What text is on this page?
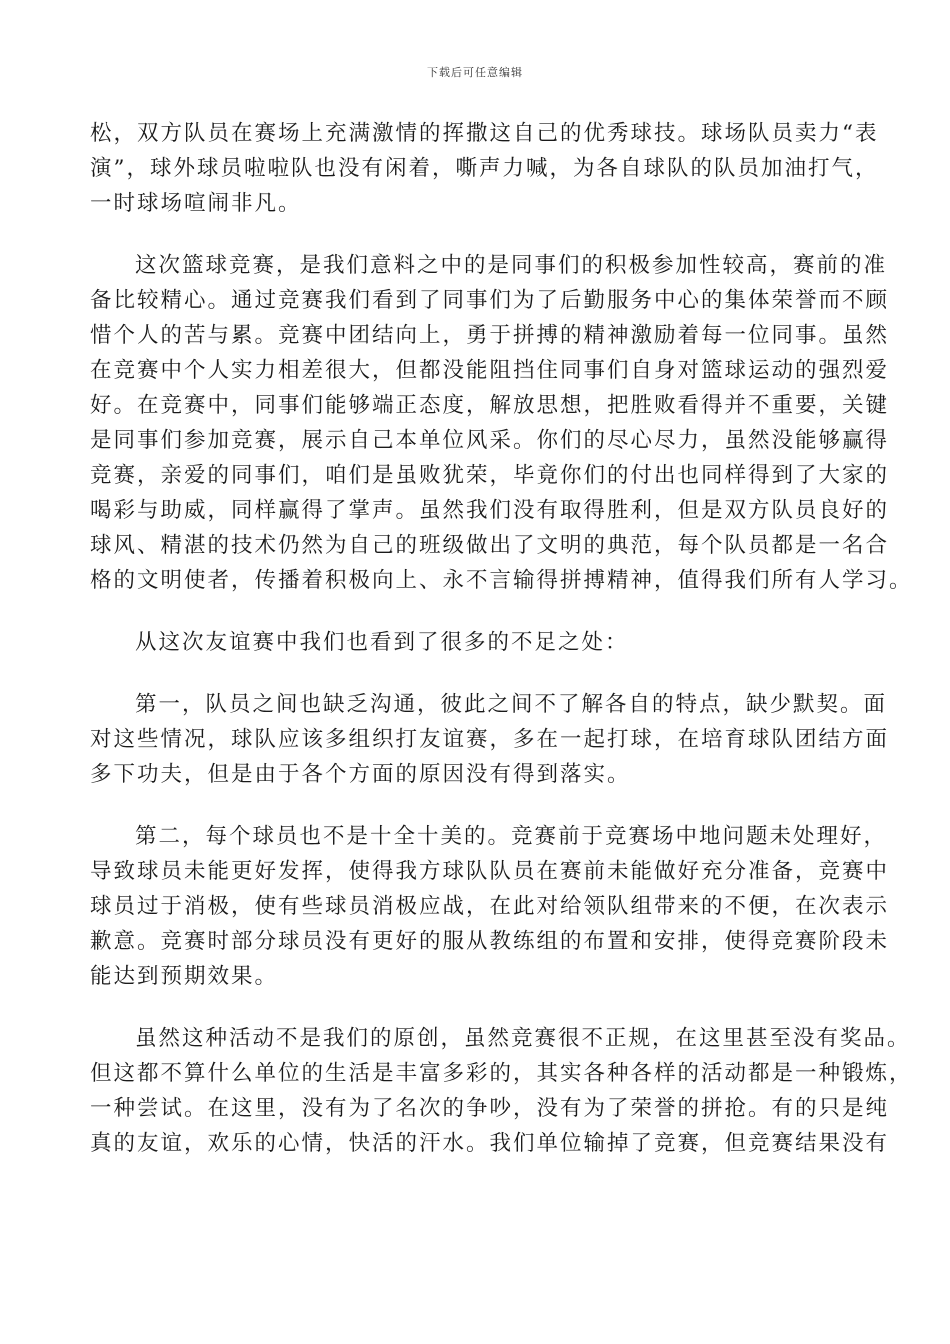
下载后可任意编辑

松，双方队员在赛场上充满激情的挥撒这自己的优秀球技。球场队员卖力“表
演”，球外球员啦啦队也没有闲着，嘶声力喊，为各自球队的队员加油打气，
一时球场喧闹非凡。

这次篮球竞赛，是我们意料之中的是同事们的积极参加性较高，赛前的准
备比较精心。通过竞赛我们看到了同事们为了后勤服务中心的集体荣誉而不顾
惜个人的苦与累。竞赛中团结向上，勇于拼搏的精神激励着每一位同事。虽然
在竞赛中个人实力相差很大，但都没能阻挡住同事们自身对篮球运动的强烈爱
好。在竞赛中，同事们能够端正态度，解放思想，把胜败看得并不重要，关键
是同事们参加竞赛，展示自己本单位风采。你们的尽心尽力，虽然没能够赢得
竞赛，亲爱的同事们，咱们是虽败犹荣，毕竟你们的付出也同样得到了大家的
喝彩与助威，同样赢得了掌声。虽然我们没有取得胜利，但是双方队员良好的
球风、精湛的技术仍然为自己的班级做出了文明的典范，每个队员都是一名合
格的文明使者，传播着积极向上、永不言输得拼搏精神，值得我们所有人学习。

从这次友谊赛中我们也看到了很多的不足之处：

第一，队员之间也缺乏沟通，彼此之间不了解各自的特点，缺少默契。面
对这些情况，球队应该多组织打友谊赛，多在一起打球，在培育球队团结方面
多下功夫，但是由于各个方面的原因没有得到落实。

第二，每个球员也不是十全十美的。竞赛前于竞赛场中地问题未处理好，
导致球员未能更好发挥，使得我方球队队员在赛前未能做好充分准备，竞赛中
球员过于消极，使有些球员消极应战，在此对给领队组带来的不便，在次表示
歉意。竞赛时部分球员没有更好的服从教练组的布置和安排，使得竞赛阶段未
能达到预期效果。

虽然这种活动不是我们的原创，虽然竞赛很不正规，在这里甚至没有奖品。
但这都不算什么单位的生活是丰富多彩的，其实各种各样的活动都是一种锻炼，
一种尝试。在这里，没有为了名次的争吵，没有为了荣誉的拼抢。有的只是纯
真的友谊，欢乐的心情，快活的汗水。我们单位输掉了竞赛，但竞赛结果没有
